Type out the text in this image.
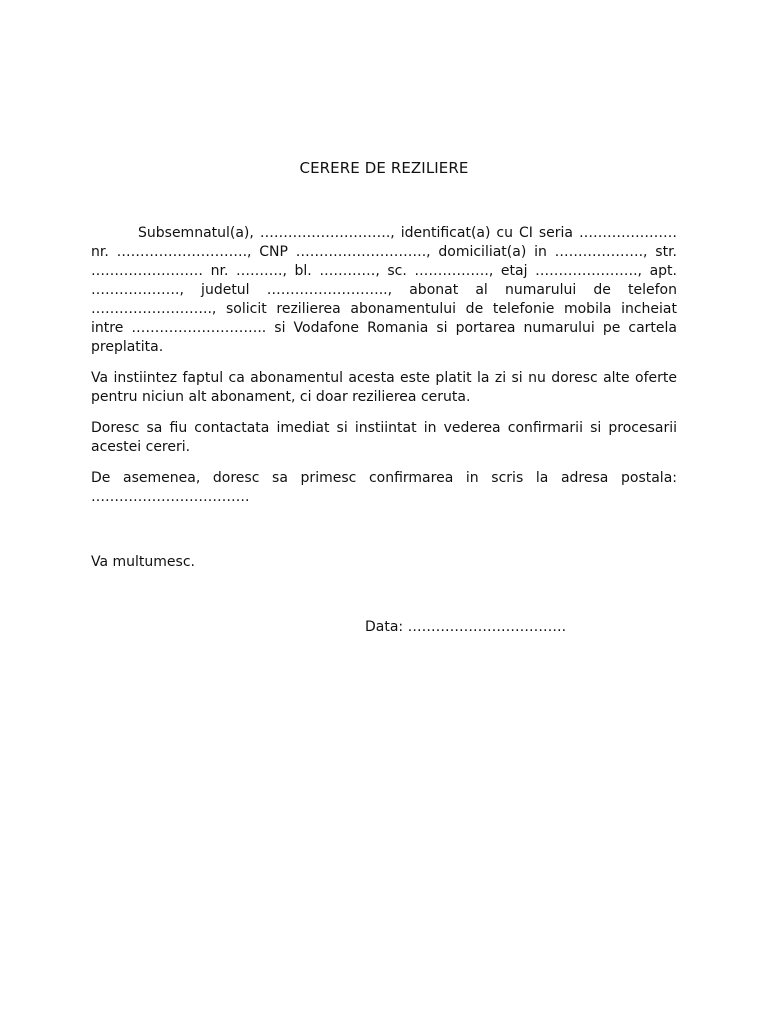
CERERE DE REZILIERE

Subsemnatul(a), ………………………., identificat(a) cu CI seria ………………… nr. ………………………., CNP ………………………., domiciliat(a) in ………………., str. …………………… nr. ………., bl. …………, sc. ……………., etaj …………………., apt. ………………., judetul …………………….., abonat al numarului de telefon …………………….., solicit rezilierea abonamentului de telefonie mobila incheiat intre ……………………….. si Vodafone Romania si portarea numarului pe cartela preplatita.

Va instiintez faptul ca abonamentul acesta este platit la zi si nu doresc alte oferte pentru niciun alt abonament, ci doar rezilierea ceruta.

Doresc sa fiu contactata imediat si instiintat in vederea confirmarii si procesarii acestei cereri.

De asemenea, doresc sa primesc confirmarea in scris la adresa postala: …………………………….

Va multumesc.
Data: …………………………….
